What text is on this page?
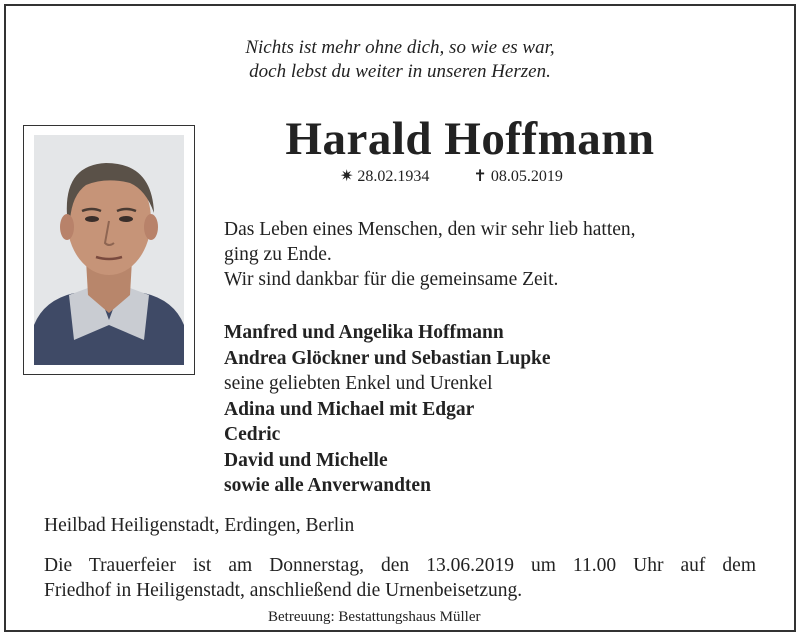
Nichts ist mehr ohne dich, so wie es war,
doch lebst du weiter in unseren Herzen.
Harald Hoffmann
✷ 28.02.1934	✝ 08.05.2019
Das Leben eines Menschen, den wir sehr lieb hatten,
ging zu Ende.
Wir sind dankbar für die gemeinsame Zeit.
Manfred und Angelika Hoffmann
Andrea Glöckner und Sebastian Lupke
seine geliebten Enkel und Urenkel
Adina und Michael mit Edgar
Cedric
David und Michelle
sowie alle Anverwandten
Heilbad Heiligenstadt, Erdingen, Berlin
Die Trauerfeier ist am Donnerstag, den 13.06.2019 um 11.00 Uhr auf dem
Friedhof in Heiligenstadt, anschließend die Urnenbeisetzung.
Betreuung: Bestattungshaus Müller
